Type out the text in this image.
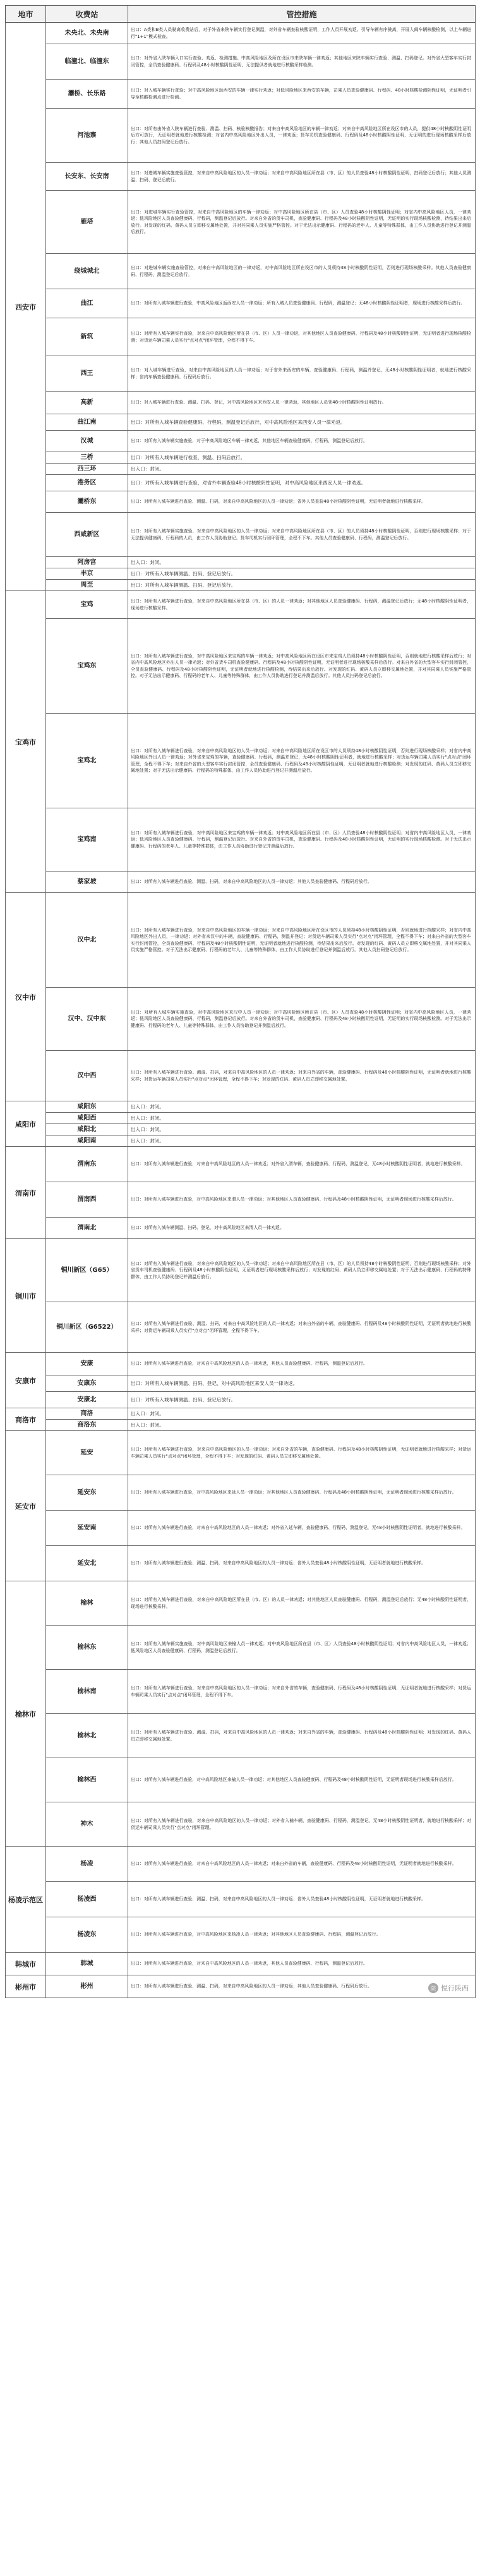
地市	收费站	管控措施
西安市	未央北、未央南	出口：A类和B类人员驶离收费站后，对于外省来陕车辆实行登记测温，对外省车辆查验核酸证明，工作人员开展劝返、引导车辆有序驶离，开展入闽车辆核酸检测，以上车辆进行"1+1"模式检查。
	临潼北、临潼东	出口：对外省入陕车辆入口实行查验、劝返、检测措施。中高风险地区及所在设区市来陕车辆一律劝返；其他地区来陕车辆实行查验、测温、扫码登记。对外省大型客车实行封闭管控，全员查验健康码、行程码及48小时核酸阴性证明，无法提供者就地进行核酸采样检测。
	灞桥、长乐路	出口：对入城车辆实行查验；对中高风险地区返西安的车辆一律实行劝返；对低风险地区来西安的车辆，司乘人员查验健康码、行程码、48小时核酸检测阴性证明，无证明者引导至核酸检测点进行检测。
	河池寨	出口：对所有由外省入陕车辆进行查验、测温、扫码、核验核酸报告；对来自中高风险地区的车辆一律劝返；对来自中高风险地区所在设区市的人员，提供48小时核酸阴性证明后方可放行，无证明者就地进行核酸检测；对省内中高风险地区外出人员，一律劝返；货车司机查验健康码、行程码及48小时核酸阴性证明，无证明的进行现场核酸采样后放行；其他人员扫码登记后放行。
	长安东、长安南	出口：对进城车辆实施查验管控，对来自中高风险地区的人员一律劝返；对来自中高风险地区所在县（市、区）的人员查验48小时核酸阴性证明，扫码登记后放行；其他人员测温、扫码、登记后放行。
	雁塔	出口：对进城车辆实行查验管控，对来自中高风险地区的车辆一律劝返；对中高风险地区所在县（市、区）人员查验48小时核酸阴性证明；对省内中高风险地区人员，一律劝返；低风险地区人员查验健康码、行程码，测温登记后放行。对来自外省的货车司机，查验健康码、行程码及48小时核酸阴性证明，无证明的实行现场核酸检测，待结果出来后放行。对发现的红码、黄码人员立即移交属地处置，并对其同乘人员实施严格管控。对于无法出示健康码、行程码的老年人、儿童等特殊群体，由工作人员协助进行登记并测温后放行。
	绕城城北	出口：对进城车辆实施查验管控，对来自中高风险地区的一律劝返，对中高风险地区所在设区市的人员须持48小时核酸阴性证明，否则进行现场核酸采样。其他人员查验健康码、行程码，测温登记后放行。
	曲江	出口：对所有入城车辆进行查验，中高风险地区返西安人员一律劝返；所有入城人员查验健康码、行程码，测温登记；无48小时核酸阴性证明者，现场进行核酸采样后放行。
	新筑	出口：对所有入城车辆实行查验，对来自中高风险地区所在县（市、区）人员一律劝返，对其他地区人员查验健康码、行程码及48小时核酸阴性证明，无证明者进行现场核酸检测；对货运车辆司乘人员实行"点对点"闭环管理，全程不得下车。
	西王	出口：对入城车辆进行查验，对来自中高风险地区的人员一律劝返；对于省外来西安的车辆，查验健康码、行程码，测温并登记，无48小时核酸阴性证明者，就地进行核酸采样；省内车辆查验健康码、行程码后放行。
	高新	出口：对入城车辆进行查验、测温、扫码、登记，对中高风险地区来西安人员一律劝返，其他地区人员凭48小时核酸阴性证明放行。
	曲江南	出口：对所有入城车辆查验健康码、行程码，测温登记后放行，对中高风险地区来西安人员一律劝返。
	汉城	出口：对所有入城车辆实施查验，对于中高风险地区车辆一律劝返，其他地区车辆查验健康码、行程码，测温登记后放行。
	三桥	出口：对所有入城车辆进行检查，测温、扫码后放行。
	西三环	出入口：封闭。
	港务区	出口：对所有入城车辆进行查验，对省外车辆查验48小时核酸阴性证明，对中高风险地区来西安人员一律劝返。
	灞桥东	出口：对所有入城车辆进行查验、测温、扫码，对来自中高风险地区的人员一律劝返；省外人员查验48小时核酸阴性证明，无证明者就地进行核酸采样。
	西咸新区	出口：对所有入城车辆实施查验，对来自中高风险地区的人员一律劝返；对来自中高风险地区所在县（市、区）的人员须持48小时核酸阴性证明，否则进行现场核酸采样；对于无法提供健康码、行程码的人员，由工作人员协助登记。货车司机实行闭环管理，全程不下车。其他人员查验健康码、行程码，测温登记后放行。
	阿房宫	出入口：封闭。
	丰京	出口：对所有入城车辆测温、扫码、登记后放行。
	周至	出口：对所有入城车辆测温、扫码、登记后放行。
宝鸡市	宝鸡	出口：对所有入城车辆进行查验，对来自中高风险地区所在县（市、区）的人员一律劝返；对其他地区人员查验健康码、行程码，测温登记后放行；无48小时核酸阴性证明者，现场进行核酸采样。
	宝鸡东	出口：对所有入城车辆进行查验，对中高风险地区来宝鸡的车辆一律劝返；对中高风险地区所在设区市来宝鸡人员须持48小时核酸阴性证明，否则就地进行核酸采样后放行；对省内中高风险地区外出人员一律劝返；对外省货车司机查验健康码、行程码及48小时核酸阴性证明，无证明者进行现场核酸采样后放行。对来自外省的大型客车实行封闭管控，全员查验健康码、行程码及48小时核酸阴性证明，无证明者就地进行核酸检测，待结果出来后放行。对发现的红码、黄码人员立即移交属地处置，并对其同乘人员实施严格管控。对于无法出示健康码、行程码的老年人、儿童等特殊群体，由工作人员协助进行登记并测温后放行。其他人员扫码登记后放行。
	宝鸡北	出口：对所有入城车辆进行查验，对来自中高风险地区的人员一律劝返；对来自中高风险地区所在设区市的人员须持48小时核酸阴性证明，否则进行现场核酸采样；对省内中高风险地区外出人员一律劝返；对外省来宝鸡的车辆，查验健康码、行程码，测温并登记，无48小时核酸阴性证明者，就地进行核酸采样；对货运车辆司乘人员实行"点对点"闭环管理，全程不得下车；对来自外省的大型客车实行封闭管控，全员查验健康码、行程码及48小时核酸阴性证明，无证明者就地进行核酸检测；对发现的红码、黄码人员立即移交属地处置；对于无法出示健康码、行程码的特殊群体，由工作人员协助进行登记并测温后放行。
	宝鸡南	出口：对所有入城车辆进行查验，对中高风险地区来宝鸡的车辆一律劝返；对中高风险地区所在县（市、区）人员查验48小时核酸阴性证明；对省内中高风险地区人员，一律劝返；低风险地区人员查验健康码、行程码，测温登记后放行。对来自外省的货车司机，查验健康码、行程码及48小时核酸阴性证明，无证明的实行现场核酸检测。对于无法出示健康码、行程码的老年人、儿童等特殊群体，由工作人员协助进行登记并测温后放行。
	蔡家坡	出口：对所有入城车辆进行查验、测温、扫码，对来自中高风险地区的人员一律劝返；其他人员查验健康码、行程码后放行。
汉中市	汉中北	出口：对所有入城车辆进行查验，对来自中高风险地区的车辆一律劝返；对来自中高风险地区所在设区市的人员须持48小时核酸阴性证明，否则就地进行核酸采样；对省内中高风险地区外出人员，一律劝返；对外省来汉中的车辆，查验健康码、行程码，测温并登记；对货运车辆司乘人员实行"点对点"闭环管理，全程不得下车；对来自外省的大型客车实行封闭管控，全员查验健康码、行程码及48小时核酸阴性证明，无证明者就地进行核酸检测，待结果出来后放行。对发现的红码、黄码人员立即移交属地处置，并对其同乘人员实施严格管控。对于无法出示健康码、行程码的老年人、儿童等特殊群体，由工作人员协助进行登记并测温后放行。其他人员扫码登记后放行。
	汉中、汉中东	出口：对所有入城车辆实施查验，对中高风险地区来汉中人员一律劝返；对中高风险地区所在县（市、区）人员查验48小时核酸阴性证明；对省内中高风险地区人员，一律劝返；低风险地区人员查验健康码、行程码，测温登记后放行。对来自外省的货车司机，查验健康码、行程码及48小时核酸阴性证明，无证明的实行现场核酸检测。对于无法出示健康码、行程码的老年人、儿童等特殊群体，由工作人员协助登记并测温后放行。
	汉中西	出口：对所有入城车辆进行查验、测温、扫码，对来自中高风险地区的人员一律劝返；对来自外省的车辆，查验健康码、行程码及48小时核酸阴性证明，无证明者就地进行核酸采样；对货运车辆司乘人员实行"点对点"闭环管理，全程不得下车；对发现的红码、黄码人员立即移交属地处置。
咸阳市	咸阳东	出入口：封闭。
	咸阳西	出入口：封闭。
	咸阳北	出入口：封闭。
	咸阳南	出入口：封闭。
渭南市	渭南东	出口：对所有入城车辆进行查验，对来自中高风险地区的人员一律劝返；对外省入渭车辆，查验健康码、行程码，测温登记，无48小时核酸阴性证明者，就地进行核酸采样。
	渭南西	出口：对所有入城车辆进行查验，对中高风险地区来渭人员一律劝返；对其他地区人员查验健康码、行程码及48小时核酸阴性证明，无证明者现场进行核酸采样后放行。
	渭南北	出口：对所有入城车辆测温、扫码、登记，对中高风险地区来渭人员一律劝返。
铜川市	铜川新区（G65）	出口：对所有入城车辆进行查验，对来自中高风险地区的人员一律劝返；对来自中高风险地区所在县（市、区）的人员须持48小时核酸阴性证明，否则进行现场核酸采样；对外省货车司机查验健康码、行程码及48小时核酸阴性证明，无证明者进行现场核酸采样后放行；对发现的红码、黄码人员立即移交属地处置；对于无法出示健康码、行程码的特殊群体，由工作人员协助登记并测温后放行。
	铜川新区（G6522）	出口：对所有入城车辆进行查验、测温、扫码，对来自中高风险地区的人员一律劝返；对来自外省的车辆，查验健康码、行程码及48小时核酸阴性证明，无证明者就地进行核酸采样；对货运车辆司乘人员实行"点对点"闭环管理，全程不得下车。
安康市	安康	出口：对所有入城车辆进行查验，对来自中高风险地区的人员一律劝返，其他人员查验健康码、行程码，测温登记后放行。
	安康东	出口：对所有入城车辆测温、扫码、登记，对中高风险地区来安人员一律劝返。
	安康北	出口：对所有入城车辆测温、扫码、登记后放行。
商洛市	商洛	出入口：封闭。
	商洛东	出入口：封闭。
延安市	延安	出口：对所有入城车辆进行查验，对来自中高风险地区的人员一律劝返；对来自外省的车辆，查验健康码、行程码及48小时核酸阴性证明，无证明者就地进行核酸采样；对货运车辆司乘人员实行"点对点"闭环管理，全程不得下车；对发现的红码、黄码人员立即移交属地处置。
	延安东	出口：对所有入城车辆进行查验，对中高风险地区来延人员一律劝返；对其他地区人员查验健康码、行程码及48小时核酸阴性证明，无证明者现场进行核酸采样后放行。
	延安南	出口：对所有入城车辆进行查验，对来自中高风险地区的人员一律劝返；对外省入延车辆，查验健康码、行程码，测温登记，无48小时核酸阴性证明者，就地进行核酸采样。
	延安北	出口：对所有入城车辆进行查验、测温、扫码，对来自中高风险地区的人员一律劝返；省外人员查验48小时核酸阴性证明，无证明者就地进行核酸采样。
榆林市	榆林	出口：对所有入城车辆进行查验，对来自中高风险地区所在县（市、区）的人员一律劝返；对其他地区人员查验健康码、行程码，测温登记后放行；无48小时核酸阴性证明者，现场进行核酸采样。
	榆林东	出口：对所有入城车辆实施查验，对中高风险地区来榆人员一律劝返；对中高风险地区所在县（市、区）人员查验48小时核酸阴性证明；对省内中高风险地区人员，一律劝返；低风险地区人员查验健康码、行程码，测温登记后放行。
	榆林南	出口：对所有入城车辆进行查验，对来自中高风险地区的人员一律劝返；对来自外省的车辆，查验健康码、行程码及48小时核酸阴性证明，无证明者就地进行核酸采样；对货运车辆司乘人员实行"点对点"闭环管理，全程不得下车。
	榆林北	出口：对所有入城车辆进行查验、测温、扫码，对来自中高风险地区的人员一律劝返；对来自外省的车辆，查验健康码、行程码及48小时核酸阴性证明；对发现的红码、黄码人员立即移交属地处置。
	榆林西	出口：对所有入城车辆进行查验，对中高风险地区来榆人员一律劝返；对其他地区人员查验健康码、行程码及48小时核酸阴性证明，无证明者现场进行核酸采样后放行。
	神木	出口：对所有入城车辆进行查验，对来自中高风险地区的人员一律劝返；对外省入榆车辆，查验健康码、行程码，测温登记，无48小时核酸阴性证明者，就地进行核酸采样；对货运车辆司乘人员实行"点对点"闭环管理。
杨凌示范区	杨凌	出口：对所有入城车辆进行查验，对来自中高风险地区的人员一律劝返；对来自外省的车辆，查验健康码、行程码及48小时核酸阴性证明，无证明者就地进行核酸采样。
	杨凌西	出口：对所有入城车辆进行查验、测温、扫码，对来自中高风险地区的人员一律劝返；省外人员查验48小时核酸阴性证明，无证明者就地进行核酸采样。
	杨凌东	出口：对所有入城车辆进行查验，对中高风险地区来杨凌人员一律劝返；对其他地区人员查验健康码、行程码，测温登记后放行。
韩城市	韩城	出口：对所有入城车辆进行查验，对来自中高风险地区的人员一律劝返，其他人员查验健康码、行程码，测温登记后放行。
彬州市	彬州	出口：对所有入城车辆进行查验、测温、扫码，对来自中高风险地区的人员一律劝返；其他人员查验健康码、行程码后放行。	陕 悦行陕西
